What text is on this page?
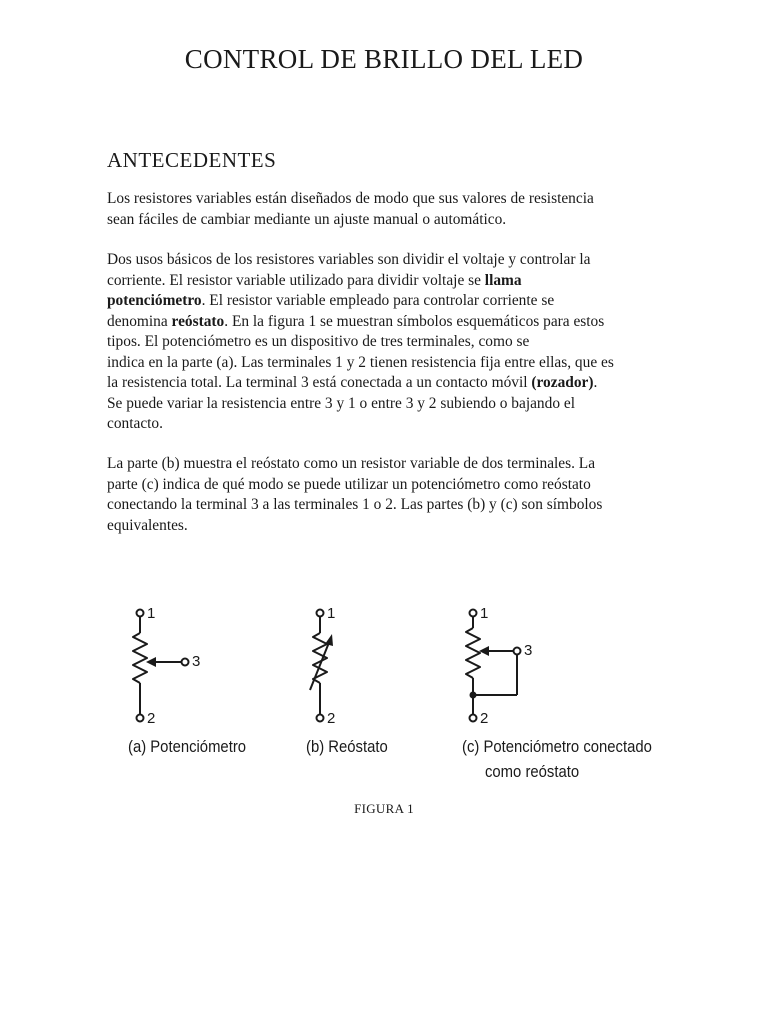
CONTROL DE BRILLO DEL LED
ANTECEDENTES
Los resistores variables están diseñados de modo que sus valores de resistencia
sean fáciles de cambiar mediante un ajuste manual o automático.
Dos usos básicos de los resistores variables son dividir el voltaje y controlar la
corriente. El resistor variable utilizado para dividir voltaje se llama
potenciómetro. El resistor variable empleado para controlar corriente se
denomina reóstato. En la figura 1 se muestran símbolos esquemáticos para estos
tipos. El potenciómetro es un dispositivo de tres terminales, como se
indica en la parte (a). Las terminales 1 y 2 tienen resistencia fija entre ellas, que es
la resistencia total. La terminal 3 está conectada a un contacto móvil (rozador).
Se puede variar la resistencia entre 3 y 1 o entre 3 y 2 subiendo o bajando el
contacto.
La parte (b) muestra el reóstato como un resistor variable de dos terminales. La
parte (c) indica de qué modo se puede utilizar un potenciómetro como reóstato
conectando la terminal 3 a las terminales 1 o 2. Las partes (b) y (c) son símbolos
equivalentes.
1
2
3
1
2
1
2
3
(a) Potenciómetro	(b) Reóstato	(c) Potenciómetro conectado
como reóstato
FIGURA 1
